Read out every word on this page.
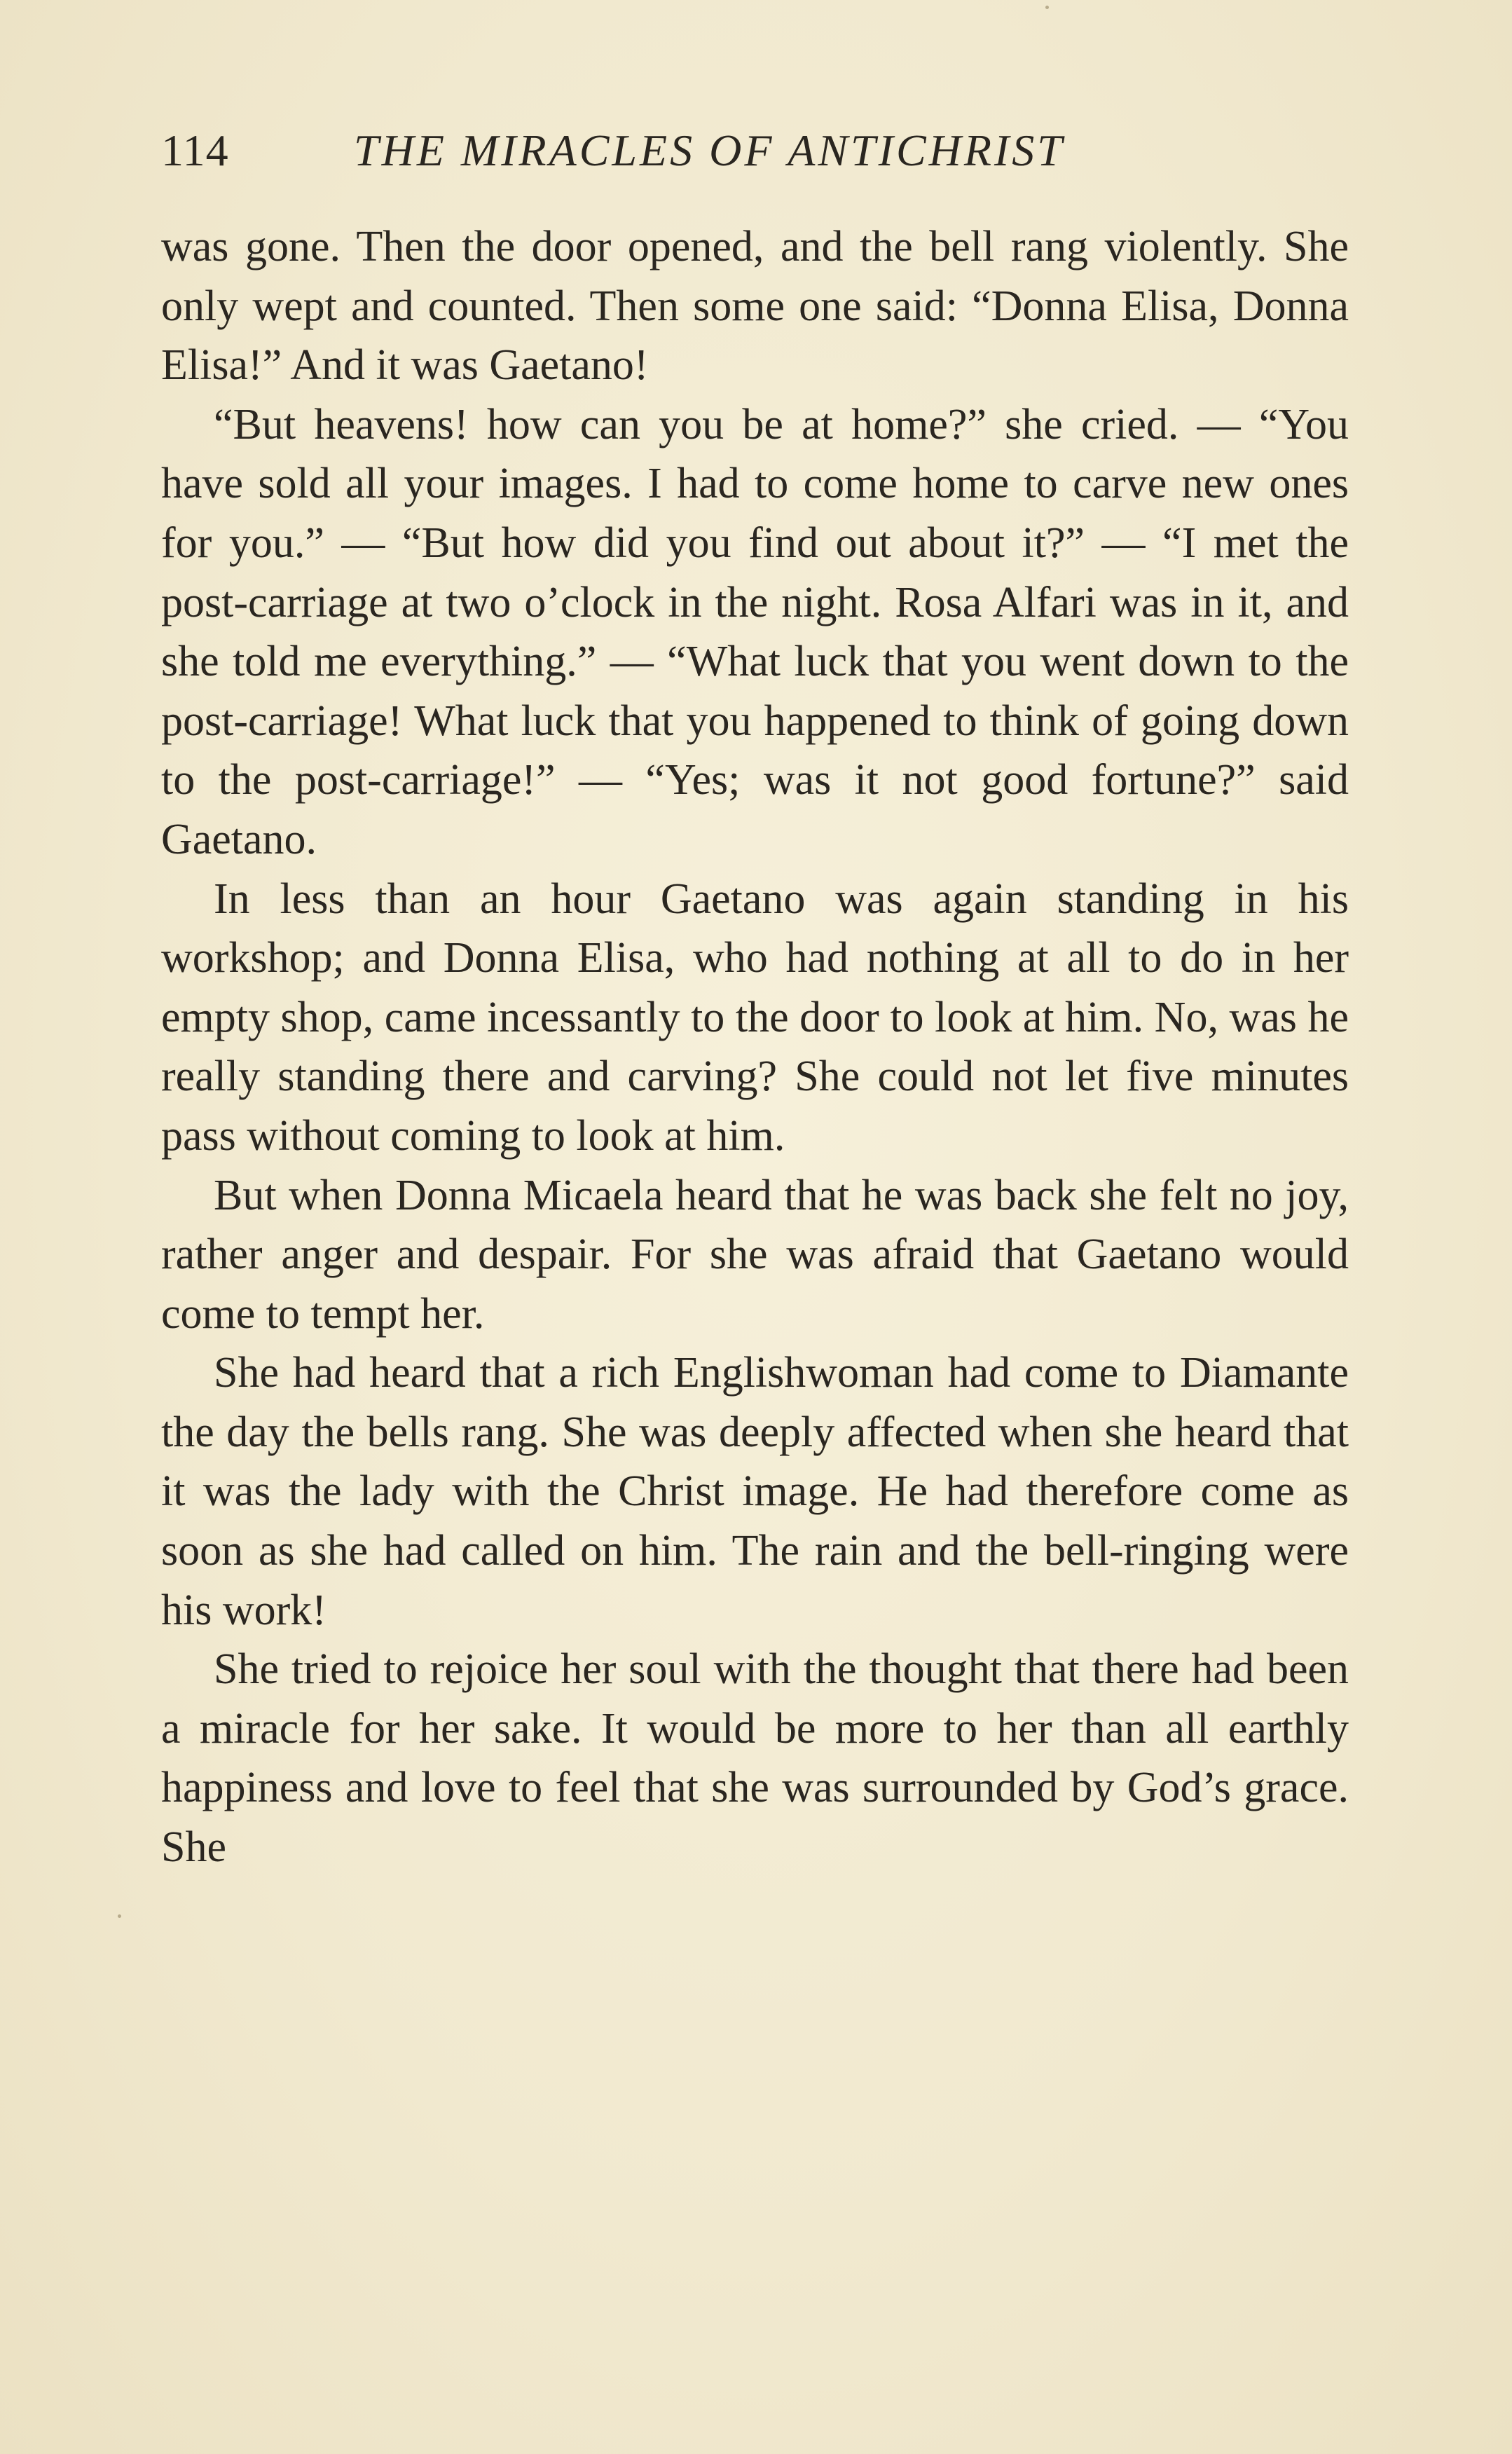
114	THE MIRACLES OF ANTICHRIST

was gone. Then the door opened, and the bell rang violently. She only wept and counted. Then some one said: “Donna Elisa, Donna Elisa!” And it was Gaetano!

“But heavens! how can you be at home?” she cried. — “You have sold all your images. I had to come home to carve new ones for you.” — “But how did you find out about it?” — “I met the post-carriage at two o’clock in the night. Rosa Alfari was in it, and she told me everything.” — “What luck that you went down to the post-carriage! What luck that you happened to think of going down to the post-carriage!” — “Yes; was it not good fortune?” said Gaetano.

In less than an hour Gaetano was again standing in his workshop; and Donna Elisa, who had nothing at all to do in her empty shop, came incessantly to the door to look at him. No, was he really standing there and carving? She could not let five minutes pass without coming to look at him.

But when Donna Micaela heard that he was back she felt no joy, rather anger and despair. For she was afraid that Gaetano would come to tempt her.

She had heard that a rich Englishwoman had come to Diamante the day the bells rang. She was deeply affected when she heard that it was the lady with the Christ image. He had therefore come as soon as she had called on him. The rain and the bell-ringing were his work!

She tried to rejoice her soul with the thought that there had been a miracle for her sake. It would be more to her than all earthly happiness and love to feel that she was surrounded by God’s grace. She
